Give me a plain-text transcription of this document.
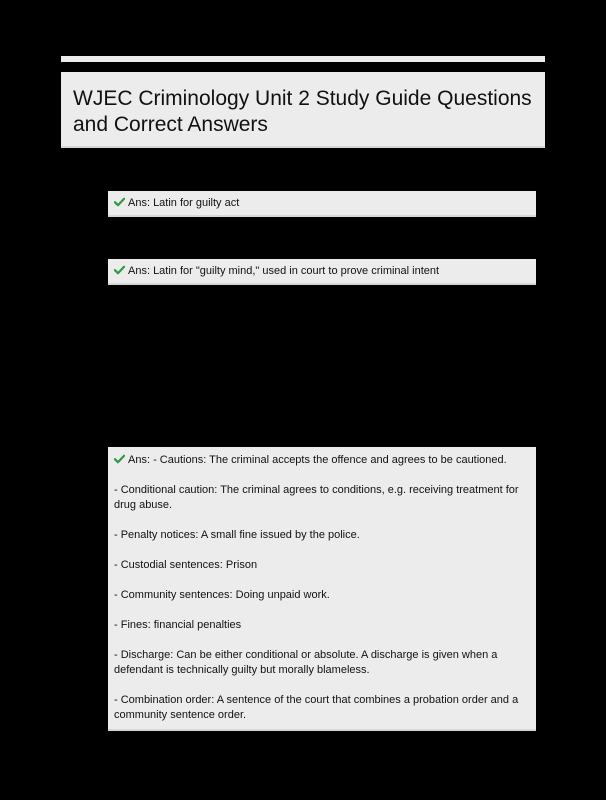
WJEC Criminology Unit 2 Study Guide Questions and Correct Answers

Ans: Latin for guilty act

Ans: Latin for "guilty mind," used in court to prove criminal intent

Ans: - Cautions: The criminal accepts the offence and agrees to be cautioned.

- Conditional caution: The criminal agrees to conditions, e.g. receiving treatment for drug abuse.

- Penalty notices: A small fine issued by the police.

- Custodial sentences: Prison

- Community sentences: Doing unpaid work.

- Fines: financial penalties

- Discharge: Can be either conditional or absolute. A discharge is given when a defendant is technically guilty but morally blameless.

- Combination order: A sentence of the court that combines a probation order and a community sentence order.
